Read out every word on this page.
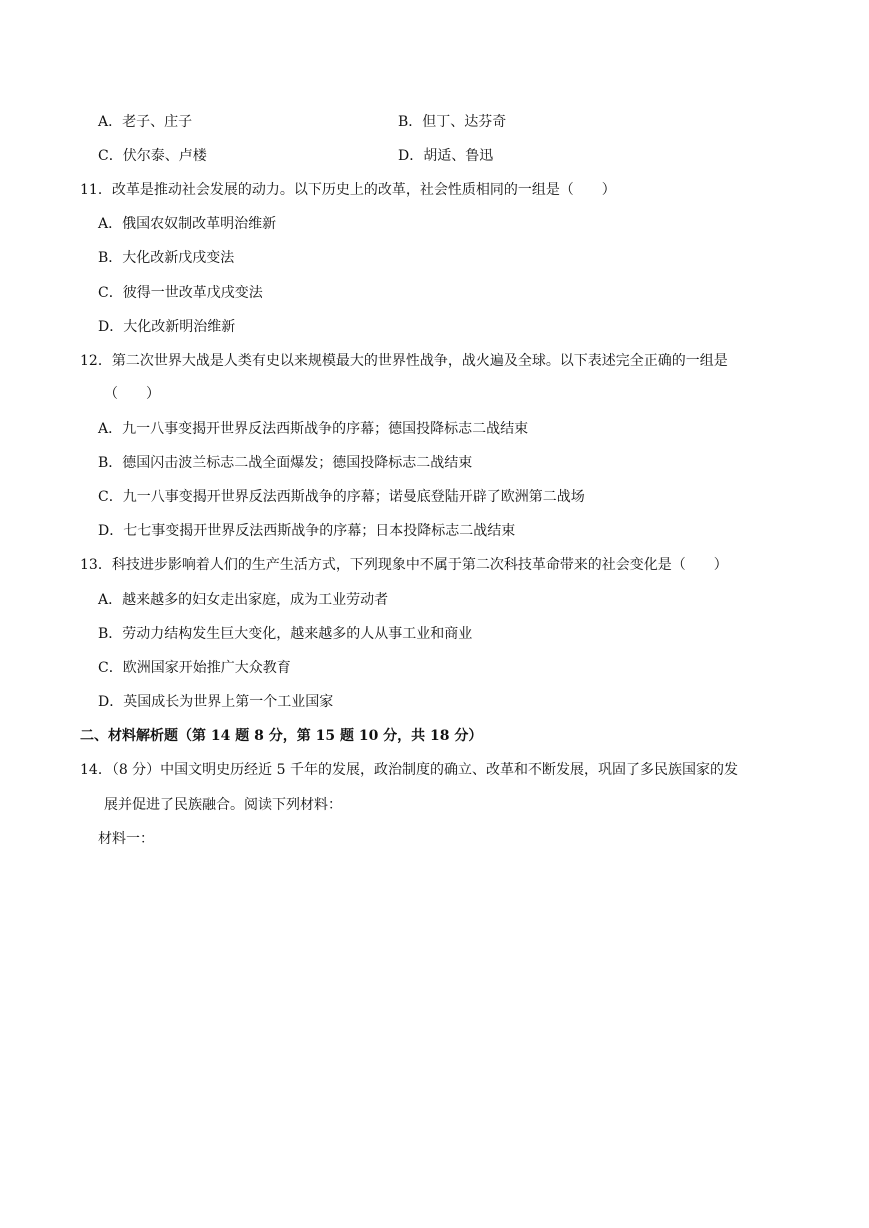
A．老子、庄子	B．但丁、达芬奇
C．伏尔泰、卢楼	D．胡适、鲁迅
11．改革是推动社会发展的动力。以下历史上的改革，社会性质相同的一组是（　　）
A．俄国农奴制改革明治维新
B．大化改新戊戌变法
C．彼得一世改革戊戌变法
D．大化改新明治维新
12．第二次世界大战是人类有史以来规模最大的世界性战争，战火遍及全球。以下表述完全正确的一组是
（　　）
A．九一八事变揭开世界反法西斯战争的序幕；德国投降标志二战结束
B．德国闪击波兰标志二战全面爆发；德国投降标志二战结束
C．九一八事变揭开世界反法西斯战争的序幕；诺曼底登陆开辟了欧洲第二战场
D．七七事变揭开世界反法西斯战争的序幕；日本投降标志二战结束
13．科技进步影响着人们的生产生活方式，下列现象中不属于第二次科技革命带来的社会变化是（　　）
A．越来越多的妇女走出家庭，成为工业劳动者
B．劳动力结构发生巨大变化，越来越多的人从事工业和商业
C．欧洲国家开始推广大众教育
D．英国成长为世界上第一个工业国家
二、材料解析题（第 14 题 8 分，第 15 题 10 分，共 18 分）
14．（8 分）中国文明史历经近 5 千年的发展，政治制度的确立、改革和不断发展，巩固了多民族国家的发
展并促进了民族融合。阅读下列材料：
材料一：
